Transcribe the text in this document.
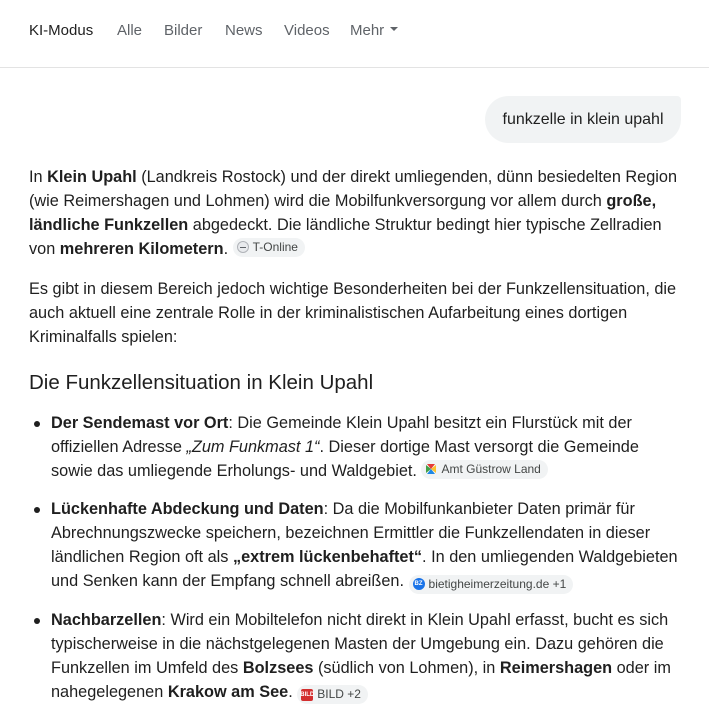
KI-Modus Alle Bilder News Videos Mehr
funkzelle in klein upahl

In Klein Upahl (Landkreis Rostock) und der direkt umliegenden, dünn besiedelten Region (wie Reimershagen und Lohmen) wird die Mobilfunkversorgung vor allem durch große, ländliche Funkzellen abgedeckt. Die ländliche Struktur bedingt hier typische Zellradien von mehreren Kilometern. T-Online

Es gibt in diesem Bereich jedoch wichtige Besonderheiten bei der Funkzellensituation, die auch aktuell eine zentrale Rolle in der kriminalistischen Aufarbeitung eines dortigen Kriminalfalls spielen:

Die Funkzellensituation in Klein Upahl
Der Sendemast vor Ort: Die Gemeinde Klein Upahl besitzt ein Flurstück mit der offiziellen Adresse „Zum Funkmast 1“. Dieser dortige Mast versorgt die Gemeinde sowie das umliegende Erholungs- und Waldgebiet. Amt Güstrow Land
Lückenhafte Abdeckung und Daten: Da die Mobilfunkanbieter Daten primär für Abrechnungszwecke speichern, bezeichnen Ermittler die Funkzellendaten in dieser ländlichen Region oft als „extrem lückenbehaftet“. In den umliegenden Waldgebieten und Senken kann der Empfang schnell abreißen.	BZ bietigheimerzeitung.de +1
Nachbarzellen: Wird ein Mobiltelefon nicht direkt in Klein Upahl erfasst, bucht es sich typischerweise in die nächstgelegenen Masten der Umgebung ein. Dazu gehören die Funkzellen im Umfeld des Bolzsees (südlich von Lohmen), in Reimershagen oder im nahegelegenen Krakow am See. BILD BILD +2
